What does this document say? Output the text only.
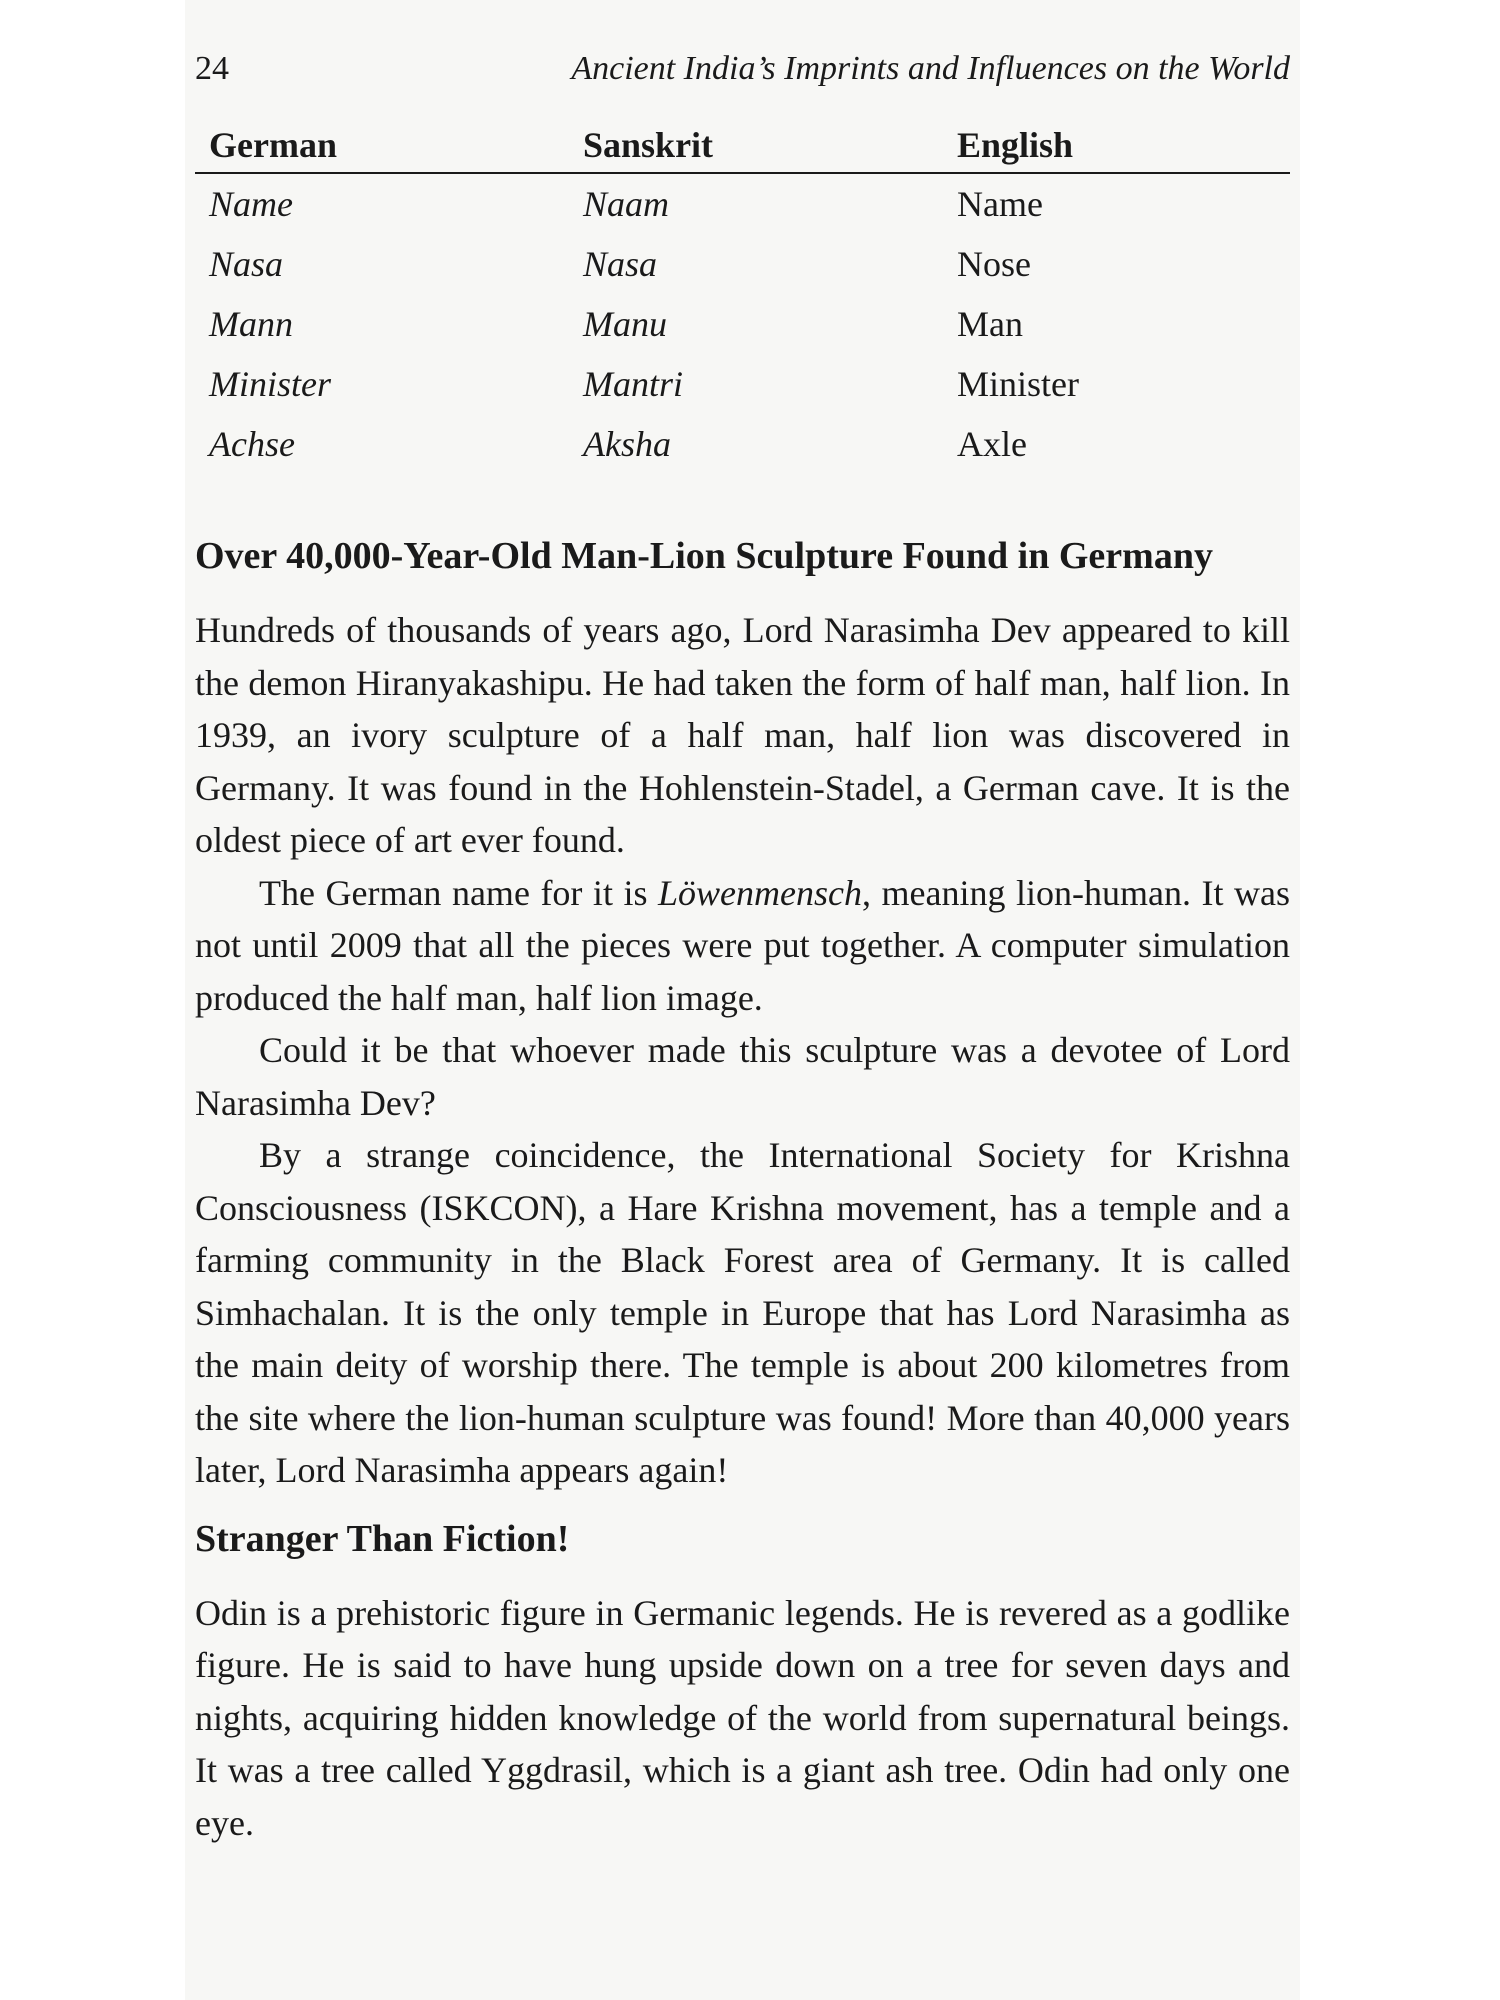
24	Ancient India’s Imprints and Influences on the World
German	Sanskrit	English
Name	Naam	Name
Nasa	Nasa	Nose
Mann	Manu	Man
Minister	Mantri	Minister
Achse	Aksha	Axle
Over 40,000-Year-Old Man-Lion Sculpture Found in Germany

Hundreds of thousands of years ago, Lord Narasimha Dev appeared to kill the demon Hiranyakashipu. He had taken the form of half man, half lion. In 1939, an ivory sculpture of a half man, half lion was discovered in Germany. It was found in the Hohlenstein-Stadel, a German cave. It is the oldest piece of art ever found.

The German name for it is Löwenmensch, meaning lion-human. It was not until 2009 that all the pieces were put together. A computer simulation produced the half man, half lion image.

Could it be that whoever made this sculpture was a devotee of Lord Narasimha Dev?

By a strange coincidence, the International Society for Krishna Consciousness (ISKCON), a Hare Krishna movement, has a temple and a farming community in the Black Forest area of Germany. It is called Simhachalan. It is the only temple in Europe that has Lord Narasimha as the main deity of worship there. The temple is about 200 kilometres from the site where the lion-human sculpture was found! More than 40,000 years later, Lord Narasimha appears again!

Stranger Than Fiction!

Odin is a prehistoric figure in Germanic legends. He is revered as a godlike figure. He is said to have hung upside down on a tree for seven days and nights, acquiring hidden knowledge of the world from supernatural beings. It was a tree called Yggdrasil, which is a giant ash tree. Odin had only one eye.
